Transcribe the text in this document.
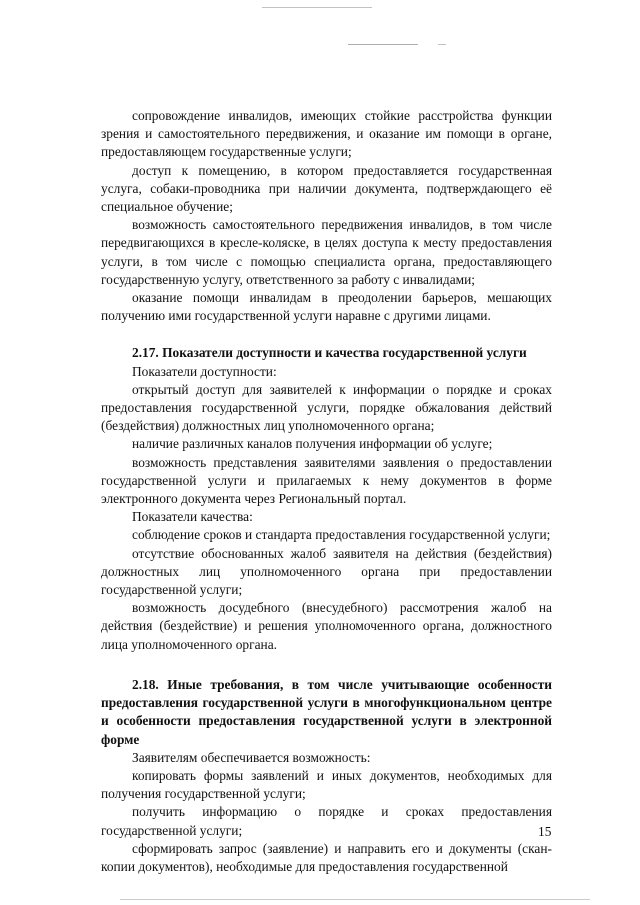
сопровождение инвалидов, имеющих стойкие расстройства функции зрения и самостоятельного передвижения, и оказание им помощи в органе, предоставляющем государственные услуги;

доступ к помещению, в котором предоставляется государственная услуга, собаки-проводника при наличии документа, подтверждающего её специальное обучение;

возможность самостоятельного передвижения инвалидов, в том числе передвигающихся в кресле-коляске, в целях доступа к месту предоставления услуги, в том числе с помощью специалиста органа, предоставляющего государственную услугу, ответственного за работу с инвалидами;

оказание помощи инвалидам в преодолении барьеров, мешающих получению ими государственной услуги наравне с другими лицами.

2.17. Показатели доступности и качества государственной услуги

Показатели доступности:

открытый доступ для заявителей к информации о порядке и сроках предоставления государственной услуги, порядке обжалования действий (бездействия) должностных лиц уполномоченного органа;

наличие различных каналов получения информации об услуге;

возможность представления заявителями заявления о предоставлении государственной услуги и прилагаемых к нему документов в форме электронного документа через Региональный портал.

Показатели качества:

соблюдение сроков и стандарта предоставления государственной услуги;

отсутствие обоснованных жалоб заявителя на действия (бездействия) должностных лиц уполномоченного органа при предоставлении государственной услуги;

возможность досудебного (внесудебного) рассмотрения жалоб на действия (бездействие) и решения уполномоченного органа, должностного лица уполномоченного органа.

2.18. Иные требования, в том числе учитывающие особенности предоставления государственной услуги в многофункциональном центре и особенности предоставления государственной услуги в электронной форме

Заявителям обеспечивается возможность:

копировать формы заявлений и иных документов, необходимых для получения государственной услуги;

получить информацию о порядке и сроках предоставления государственной услуги;

сформировать запрос (заявление) и направить его и документы (скан-копии документов), необходимые для предоставления государственной

15
